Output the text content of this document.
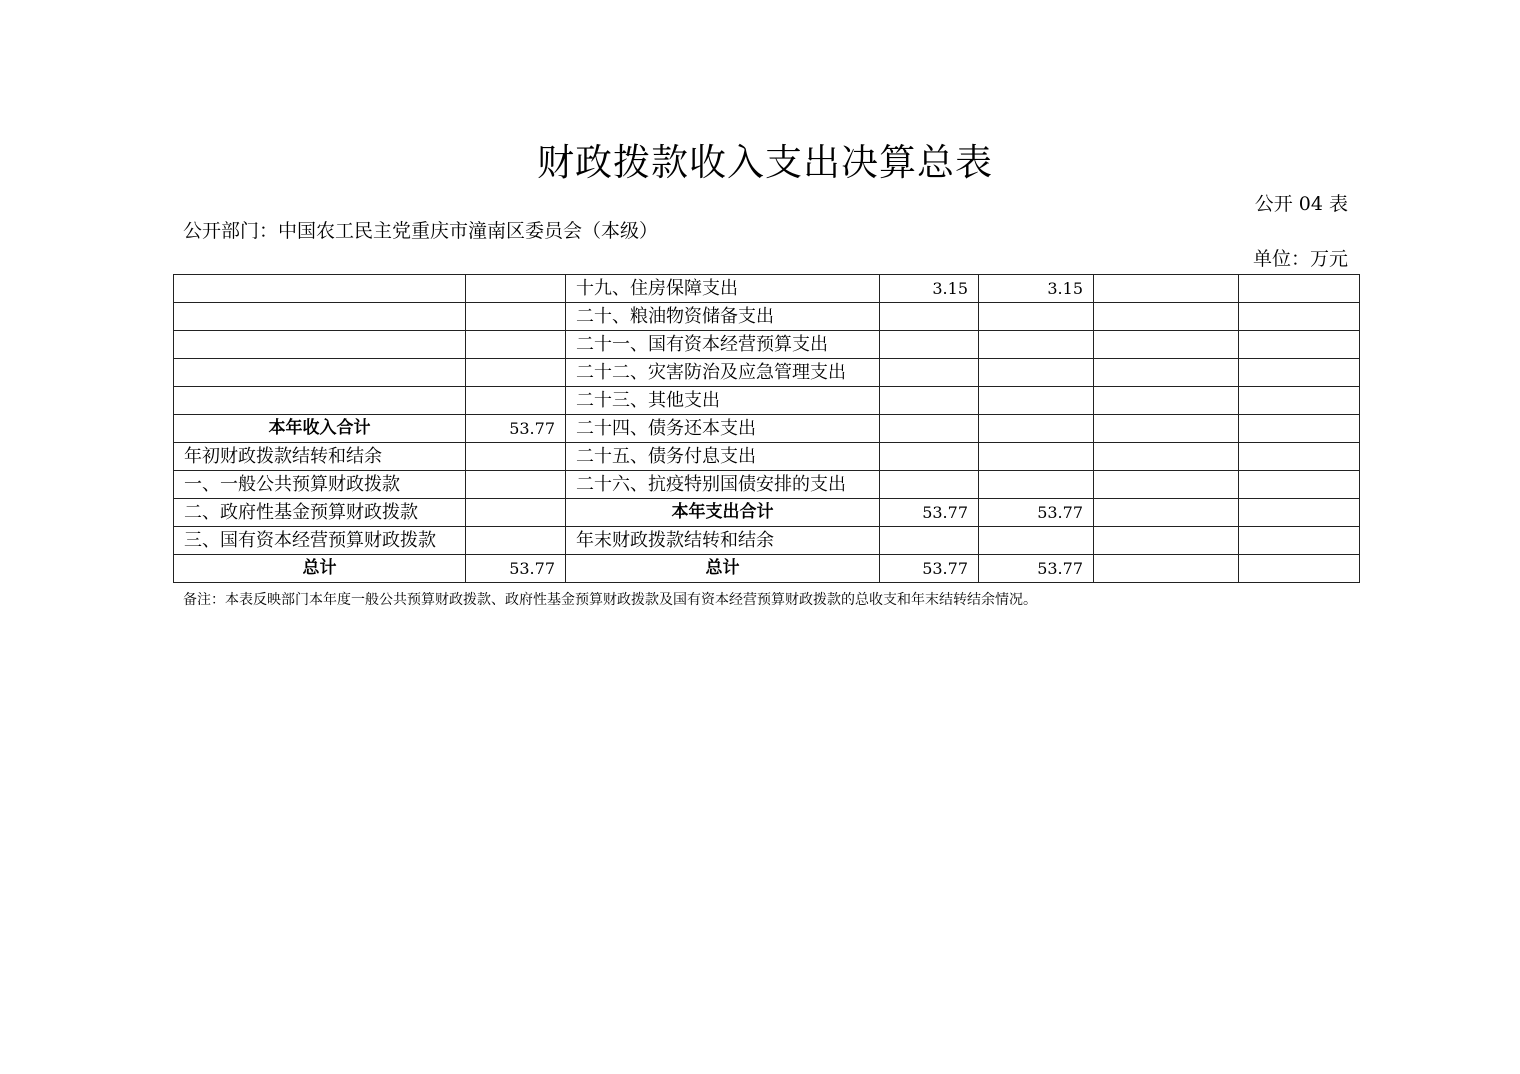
财政拨款收入支出决算总表
公开 04 表
公开部门：中国农工民主党重庆市潼南区委员会（本级）
单位：万元
		十九、住房保障支出	3.15	3.15		
		二十、粮油物资储备支出				
		二十一、国有资本经营预算支出				
		二十二、灾害防治及应急管理支出				
		二十三、其他支出				
本年收入合计	53.77	二十四、债务还本支出				
年初财政拨款结转和结余		二十五、债务付息支出				
一、一般公共预算财政拨款		二十六、抗疫特别国债安排的支出				
二、政府性基金预算财政拨款		本年支出合计	53.77	53.77		
三、国有资本经营预算财政拨款		年末财政拨款结转和结余				
总计	53.77	总计	53.77	53.77		
备注：本表反映部门本年度一般公共预算财政拨款、政府性基金预算财政拨款及国有资本经营预算财政拨款的总收支和年末结转结余情况。
